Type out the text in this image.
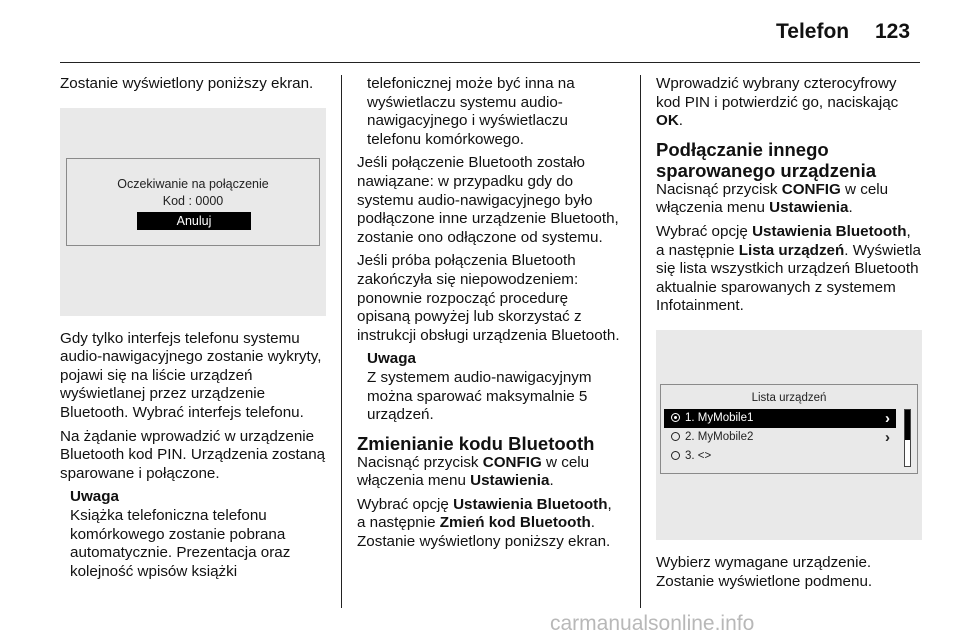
Telefon 123
Zostanie wyświetlony poniższy ekran.
Oczekiwanie na połączenie
Kod : 0000
Anuluj
Gdy tylko interfejs telefonu systemu audio-nawigacyjnego zostanie wykryty, pojawi się na liście urządzeń wyświetlanej przez urządzenie Bluetooth. Wybrać interfejs telefonu.
Na żądanie wprowadzić w urządzenie Bluetooth kod PIN. Urządzenia zostaną sparowane i połączone.
Uwaga
Książka telefoniczna telefonu komórkowego zostanie pobrana automatycznie. Prezentacja oraz kolejność wpisów książki
telefonicznej może być inna na wyświetlaczu systemu audio-nawigacyjnego i wyświetlaczu telefonu komórkowego.
Jeśli połączenie Bluetooth zostało nawiązane: w przypadku gdy do systemu audio-nawigacyjnego było podłączone inne urządzenie Bluetooth, zostanie ono odłączone od systemu.
Jeśli próba połączenia Bluetooth zakończyła się niepowodzeniem: ponownie rozpocząć procedurę opisaną powyżej lub skorzystać z instrukcji obsługi urządzenia Bluetooth.
Uwaga
Z systemem audio-nawigacyjnym można sparować maksymalnie 5 urządzeń.
Zmienianie kodu Bluetooth
Nacisnąć przycisk CONFIG w celu włączenia menu Ustawienia.
Wybrać opcję Ustawienia Bluetooth, a następnie Zmień kod Bluetooth. Zostanie wyświetlony poniższy ekran.
Wprowadzić wybrany czterocyfrowy kod PIN i potwierdzić go, naciskając OK.
Podłączanie innego sparowanego urządzenia
Nacisnąć przycisk CONFIG w celu włączenia menu Ustawienia.
Wybrać opcję Ustawienia Bluetooth, a następnie Lista urządzeń. Wyświetla się lista wszystkich urządzeń Bluetooth aktualnie sparowanych z systemem Infotainment.
Lista urządzeń
1. MyMobile1	›
2. MyMobile2	›
3. <>
Wybierz wymagane urządzenie. Zostanie wyświetlone podmenu.
carmanualsonline.info
